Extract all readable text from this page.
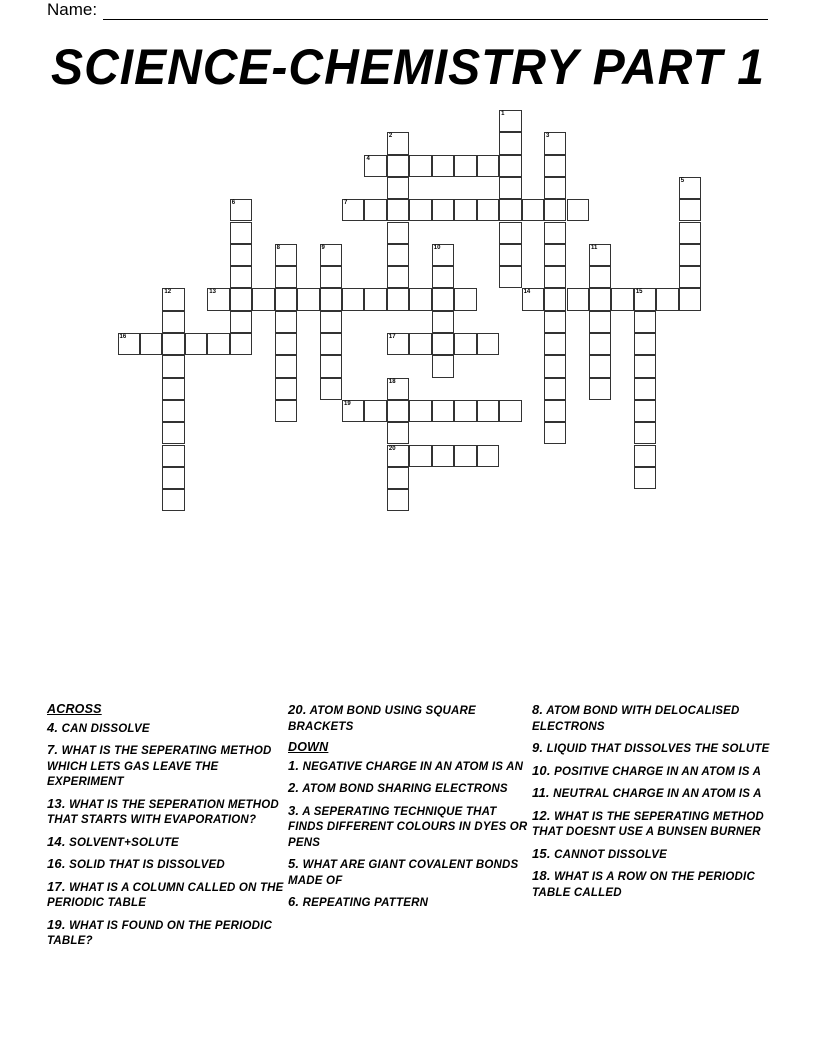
Name:
SCIENCE-CHEMISTRY PART 1
1
2	3
4
5
6	7
8	9	10	11
12	13	14	15
16	17
18
20
19
ACROSS
4. CAN DISSOLVE
7. WHAT IS THE SEPERATING METHOD WHICH LETS GAS LEAVE THE EXPERIMENT
13. WHAT IS THE SEPERATION METHOD THAT STARTS WITH EVAPORATION?
14. SOLVENT+SOLUTE
16. SOLID THAT IS DISSOLVED
17. WHAT IS A COLUMN CALLED ON THE PERIODIC TABLE
19. WHAT IS FOUND ON THE PERIODIC TABLE?
20. ATOM BOND USING SQUARE BRACKETS
DOWN
1. NEGATIVE CHARGE IN AN ATOM IS AN
2. ATOM BOND SHARING ELECTRONS
3. A SEPERATING TECHNIQUE THAT FINDS DIFFERENT COLOURS IN DYES OR PENS
5. WHAT ARE GIANT COVALENT BONDS MADE OF
6. REPEATING PATTERN
8. ATOM BOND WITH DELOCALISED ELECTRONS
9. LIQUID THAT DISSOLVES THE SOLUTE
10. POSITIVE CHARGE IN AN ATOM IS A
11. NEUTRAL CHARGE IN AN ATOM IS A
12. WHAT IS THE SEPERATING METHOD THAT DOESNT USE A BUNSEN BURNER
15. CANNOT DISSOLVE
18. WHAT IS A ROW ON THE PERIODIC TABLE CALLED
